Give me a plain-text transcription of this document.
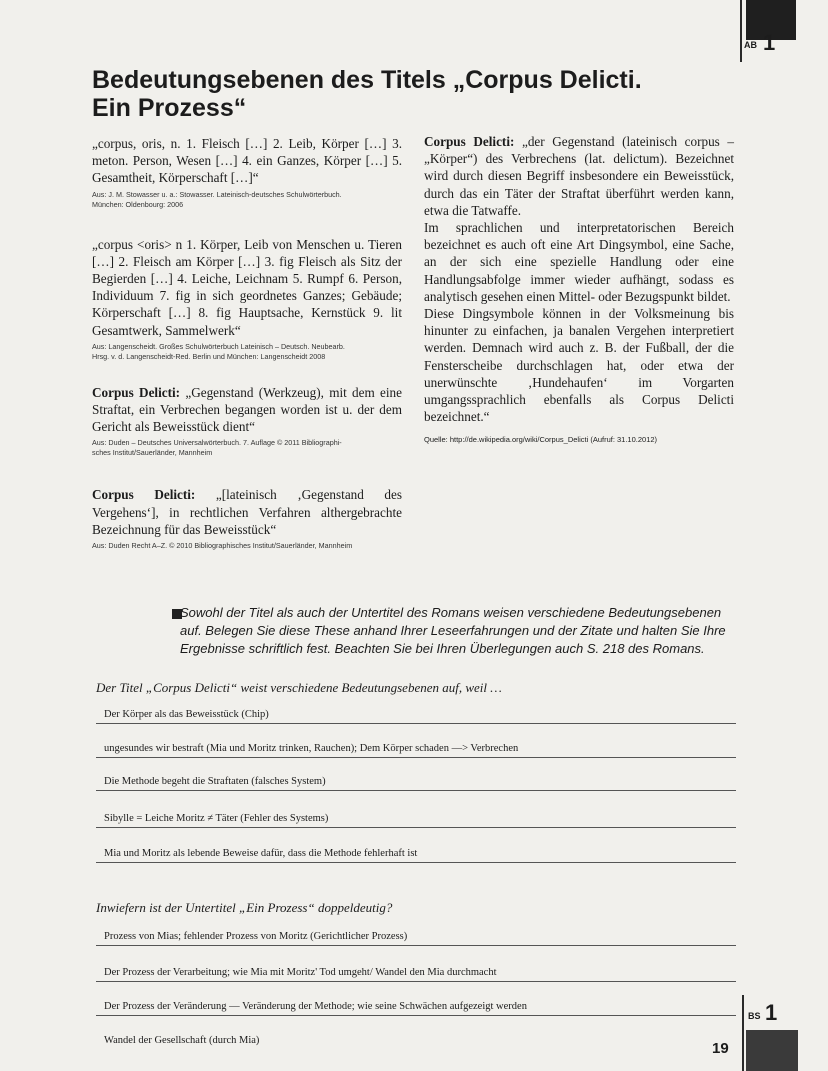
AB 1
Bedeutungsebenen des Titels „Corpus Delicti.
Ein Prozess“

„corpus, oris, n. 1. Fleisch […] 2. Leib, Körper […] 3. meton. Person, Wesen […] 4. ein Ganzes, Körper […] 5. Gesamtheit, Körperschaft […]“

Aus: J. M. Stowasser u. a.: Stowasser. Lateinisch-deutsches Schulwörterbuch.
München: Oldenbourg: 2006

„corpus <oris> n 1. Körper, Leib von Menschen u. Tieren […] 2. Fleisch am Körper […] 3. fig Fleisch als Sitz der Begierden […] 4. Leiche, Leichnam 5. Rumpf 6. Person, Individuum 7. fig in sich geordnetes Ganzes; Gebäude; Körperschaft […] 8. fig Hauptsache, Kernstück 9. lit Gesamtwerk, Sammelwerk“

Aus: Langenscheidt. Großes Schulwörterbuch Lateinisch – Deutsch. Neubearb.
Hrsg. v. d. Langenscheidt-Red. Berlin und München: Langenscheidt 2008

Corpus Delicti: „Gegenstand (Werkzeug), mit dem eine Straftat, ein Verbrechen begangen worden ist u. der dem Gericht als Beweisstück dient“

Aus: Duden – Deutsches Universalwörterbuch. 7. Auflage © 2011 Bibliographi-
sches Institut/Sauerländer, Mannheim

Corpus Delicti: „[lateinisch ‚Gegenstand des Vergehens‘], in rechtlichen Verfahren althergebrachte Bezeichnung für das Beweisstück“

Aus: Duden Recht A–Z. © 2010 Bibliographisches Institut/Sauerländer, Mannheim

Corpus Delicti: „der Gegenstand (lateinisch corpus – „Körper“) des Verbrechens (lat. delictum). Bezeichnet wird durch diesen Begriff insbesondere ein Beweisstück, durch das ein Täter der Straftat überführt werden kann, etwa die Tatwaffe.

Im sprachlichen und interpretatorischen Bereich bezeichnet es auch oft eine Art Dingsymbol, eine Sache, an der sich eine spezielle Handlung oder eine Handlungsabfolge immer wieder aufhängt, sodass es analytisch gesehen einen Mittel- oder Bezugspunkt bildet.

Diese Dingsymbole können in der Volksmeinung bis hinunter zu einfachen, ja banalen Vergehen interpretiert werden. Demnach wird auch z. B. der Fußball, der die Fensterscheibe durchschlagen hat, oder etwa der unerwünschte ‚Hundehaufen‘ im Vorgarten umgangssprachlich ebenfalls als Corpus Delicti bezeichnet.“

Quelle: http://de.wikipedia.org/wiki/Corpus_Delicti (Aufruf: 31.10.2012)

Sowohl der Titel als auch der Untertitel des Romans weisen verschiedene Bedeutungsebenen auf. Belegen Sie diese These anhand Ihrer Leseerfahrungen und der Zitate und halten Sie Ihre Ergebnisse schriftlich fest. Beachten Sie bei Ihren Überlegungen auch S. 218 des Romans.
Der Titel „Corpus Delicti“ weist verschiedene Bedeutungsebenen auf, weil …
Der Körper als das Beweisstück (Chip)
ungesundes wir bestraft (Mia und Moritz trinken, Rauchen); Dem Körper schaden —> Verbrechen
Die Methode begeht die Straftaten (falsches System)
Sibylle = Leiche Moritz ≠ Täter (Fehler des Systems)
Mia und Moritz als lebende Beweise dafür, dass die Methode fehlerhaft ist
Inwiefern ist der Untertitel „Ein Prozess“ doppeldeutig?
Prozess von Mias; fehlender Prozess von Moritz (Gerichtlicher Prozess)
Der Prozess der Verarbeitung; wie Mia mit Moritz' Tod umgeht/ Wandel den Mia durchmacht
Der Prozess der Veränderung — Veränderung der Methode; wie seine Schwächen aufgezeigt werden
Wandel der Gesellschaft (durch Mia)
BS 1
19
